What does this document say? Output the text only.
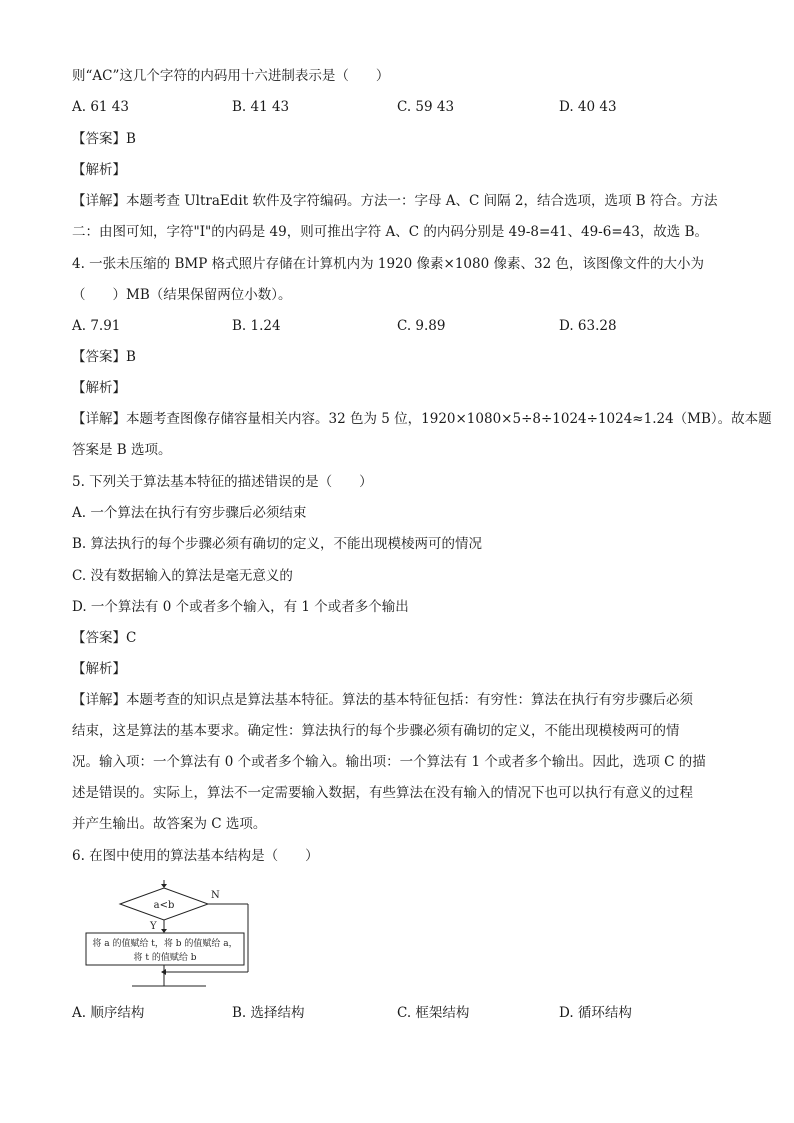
则“AC”这几个字符的内码用十六进制表示是（　　）
A. 61 43	B. 41 43	C. 59 43	D. 40 43
【答案】B
【解析】
【详解】本题考查 UltraEdit 软件及字符编码。方法一：字母 A、C 间隔 2，结合选项，选项 B 符合。方法
二：由图可知，字符"I"的内码是 49，则可推出字符 A、C 的内码分别是 49-8=41、49-6=43，故选 B。
4. 一张未压缩的 BMP 格式照片存储在计算机内为 1920 像素×1080 像素、32 色，该图像文件的大小为
（　　）MB（结果保留两位小数）。
A. 7.91	B. 1.24	C. 9.89	D. 63.28
【答案】B
【解析】
【详解】本题考查图像存储容量相关内容。32 色为 5 位，1920×1080×5÷8÷1024÷1024≈1.24（MB）。故本题
答案是 B 选项。
5. 下列关于算法基本特征的描述错误的是（　　）
A. 一个算法在执行有穷步骤后必须结束
B. 算法执行的每个步骤必须有确切的定义，不能出现模棱两可的情况
C. 没有数据输入的算法是毫无意义的
D. 一个算法有 0 个或者多个输入，有 1 个或者多个输出
【答案】C
【解析】
【详解】本题考查的知识点是算法基本特征。算法的基本特征包括：有穷性：算法在执行有穷步骤后必须
结束，这是算法的基本要求。确定性：算法执行的每个步骤必须有确切的定义，不能出现模棱两可的情
况。输入项：一个算法有 0 个或者多个输入。输出项：一个算法有 1 个或者多个输出。因此，选项 C 的描
述是错误的。实际上，算法不一定需要输入数据，有些算法在没有输入的情况下也可以执行有意义的过程
并产生输出。故答案为 C 选项。
6. 在图中使用的算法基本结构是（　　）
a<b
N
Y
将 a 的值赋给 t，将 b 的值赋给 a，
将 t 的值赋给 b
A. 顺序结构	B. 选择结构	C. 框架结构	D. 循环结构
